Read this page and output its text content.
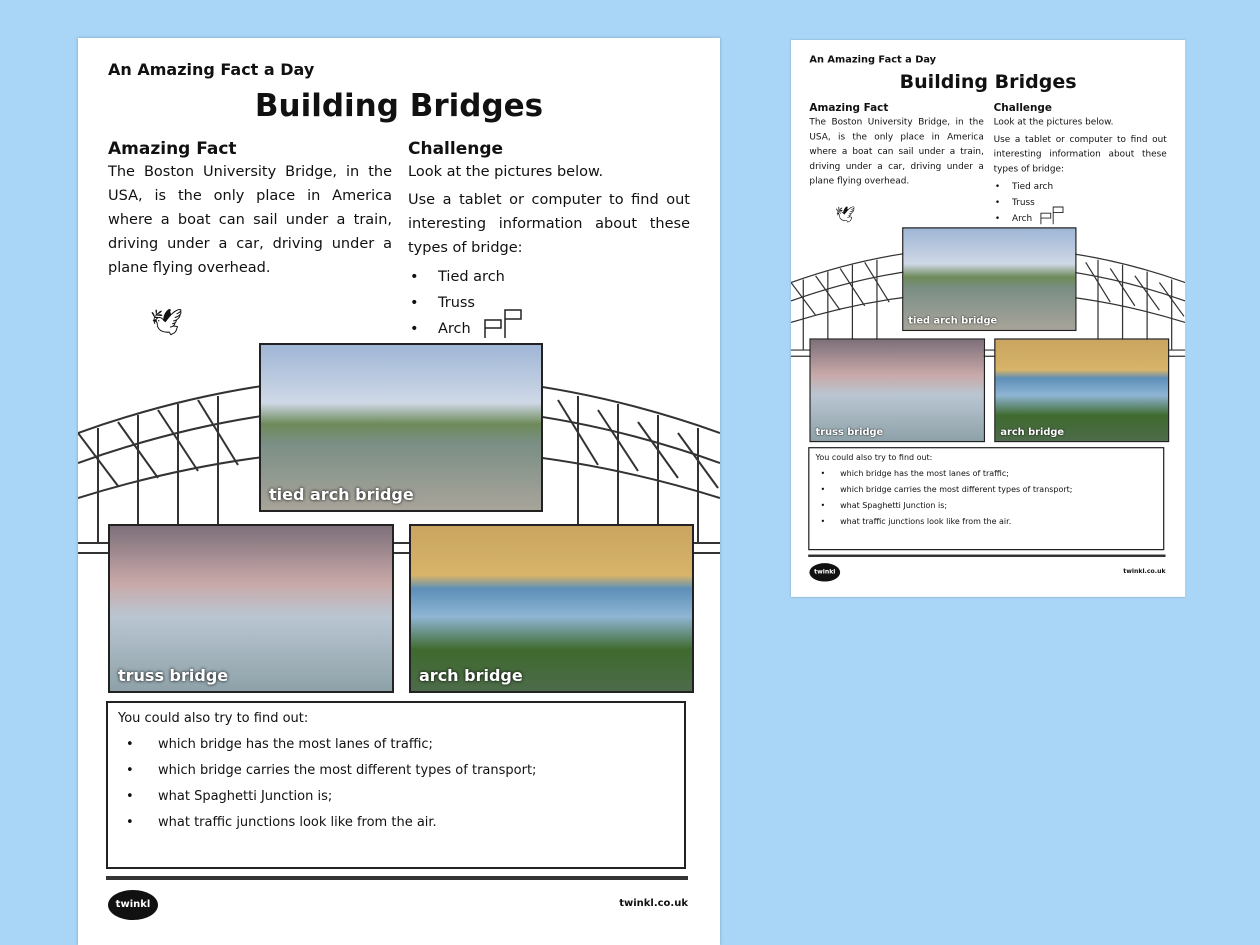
An Amazing Fact a Day
Building Bridges
Amazing Fact

The Boston University Bridge, in the USA, is the only place in America where a boat can sail under a train, driving under a car, driving under a plane flying overhead.

Challenge

Look at the pictures below.

Use a tablet or computer to find out interesting information about these types of bridge:

• Tied arch
• Truss
• Arch
🕊
tied arch bridge
truss bridge	arch bridge

You could also try to find out:

• which bridge has the most lanes of traffic;
• which bridge carries the most different types of transport;
• what Spaghetti Junction is;
• what traffic junctions look like from the air.
twinkl	twinkl.co.uk
An Amazing Fact a Day
Building Bridges
Amazing Fact

The Boston University Bridge, in the USA, is the only place in America where a boat can sail under a train, driving under a car, driving under a plane flying overhead.

Challenge

Look at the pictures below.

Use a tablet or computer to find out interesting information about these types of bridge:

• Tied arch
• Truss
• Arch
🕊
tied arch bridge
truss bridge	arch bridge

You could also try to find out:

• which bridge has the most lanes of traffic;
• which bridge carries the most different types of transport;
• what Spaghetti Junction is;
• what traffic junctions look like from the air.
twinkl	twinkl.co.uk
